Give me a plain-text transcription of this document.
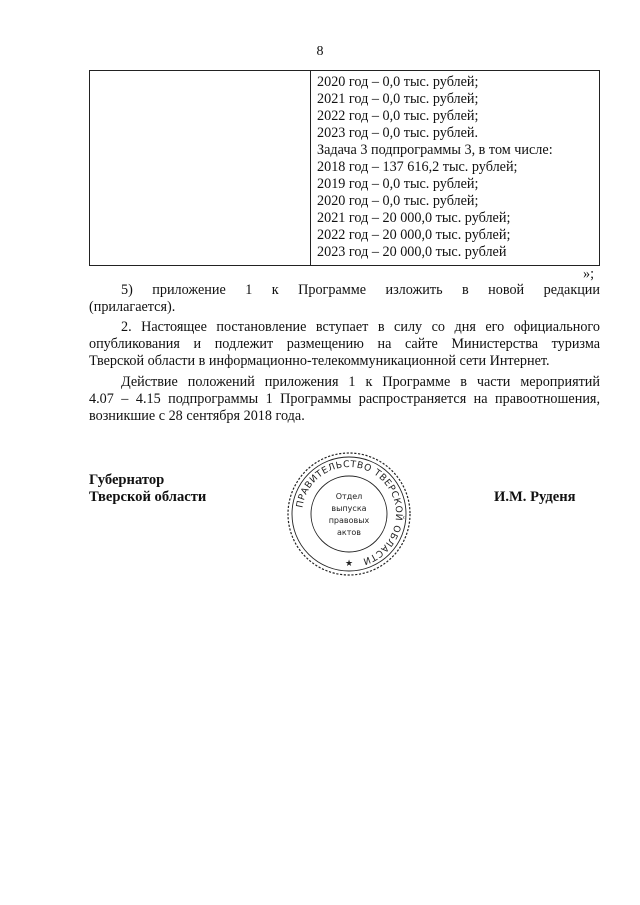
8
2020 год – 0,0 тыс. рублей;
2021 год – 0,0 тыс. рублей;
2022 год – 0,0 тыс. рублей;
2023 год – 0,0 тыс. рублей.
Задача 3 подпрограммы 3, в том числе:
2018 год – 137 616,2 тыс. рублей;
2019 год – 0,0 тыс. рублей;
2020 год – 0,0 тыс. рублей;
2021 год – 20 000,0 тыс. рублей;
2022 год – 20 000,0 тыс. рублей;
2023 год – 20 000,0 тыс. рублей
»;
5) приложение 1 к Программе изложить в новой редакции
(прилагается).
2. Настоящее постановление вступает в силу со дня его официального
опубликования и подлежит размещению на сайте Министерства туризма
Тверской области в информационно-телекоммуникационной сети Интернет.
Действие положений приложения 1 к Программе в части мероприятий
4.07 – 4.15 подпрограммы 1 Программы распространяется на правоотношения,
возникшие с 28 сентября 2018 года.
Губернатор
Тверской области	И.М. Руденя
ПРАВИТЕЛЬСТВО ТВЕРСКОЙ ОБЛАСТИ
Отдел
выпуска
правовых
актов
★
